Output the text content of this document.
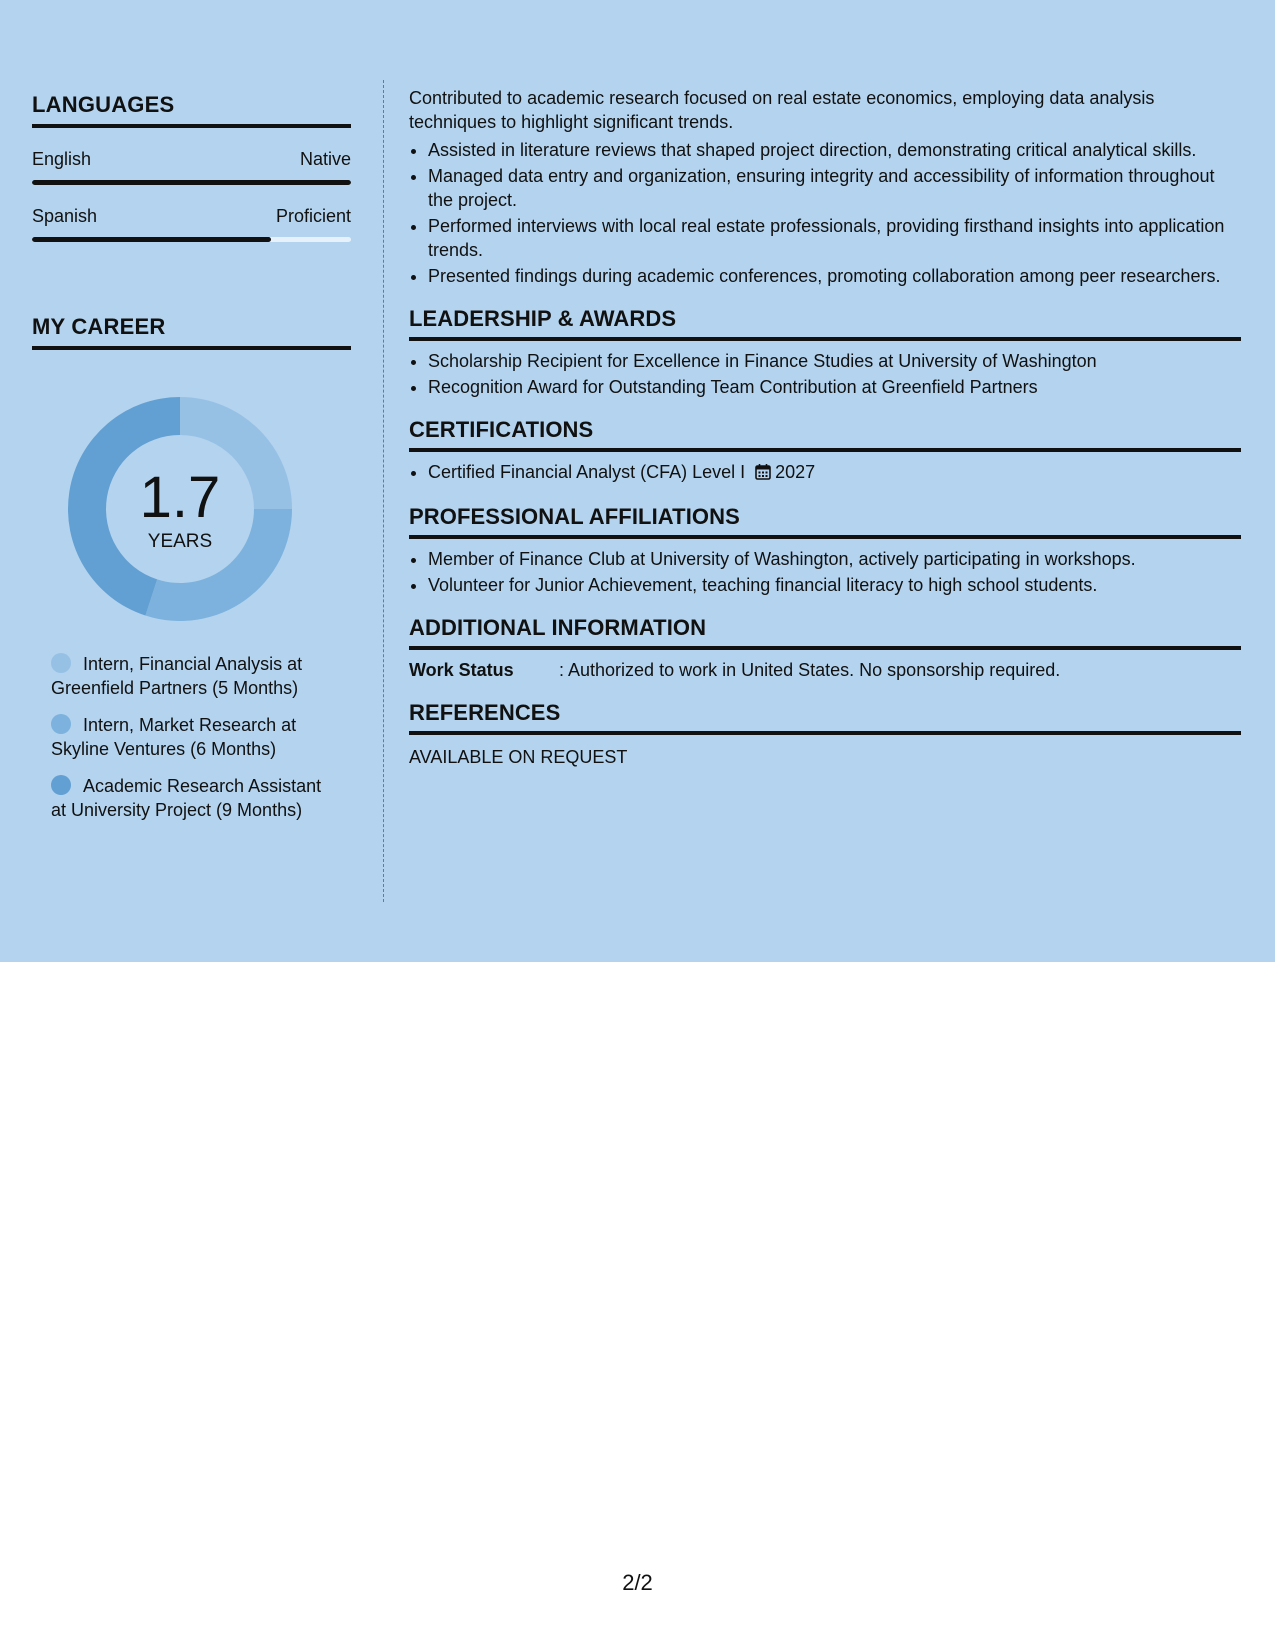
LANGUAGES
English	Native
Spanish	Proficient
MY CAREER
1.7
YEARS
Intern, Financial Analysis at Greenfield Partners (5 Months)
Intern, Market Research at Skyline Ventures (6 Months)
Academic Research Assistant at University Project (9 Months)

Contributed to academic research focused on real estate economics, employing data analysis techniques to highlight significant trends.

• Assisted in literature reviews that shaped project direction, demonstrating critical analytical skills.
• Managed data entry and organization, ensuring integrity and accessibility of information throughout the project.
• Performed interviews with local real estate professionals, providing firsthand insights into application trends.
• Presented findings during academic conferences, promoting collaboration among peer researchers.
LEADERSHIP & AWARDS
• Scholarship Recipient for Excellence in Finance Studies at University of Washington
• Recognition Award for Outstanding Team Contribution at Greenfield Partners
CERTIFICATIONS
• Certified Financial Analyst (CFA) Level I 2027
PROFESSIONAL AFFILIATIONS
• Member of Finance Club at University of Washington, actively participating in workshops.
• Volunteer for Junior Achievement, teaching financial literacy to high school students.
ADDITIONAL INFORMATION
Work Status	: Authorized to work in United States. No sponsorship required.
REFERENCES
AVAILABLE ON REQUEST
2/2
